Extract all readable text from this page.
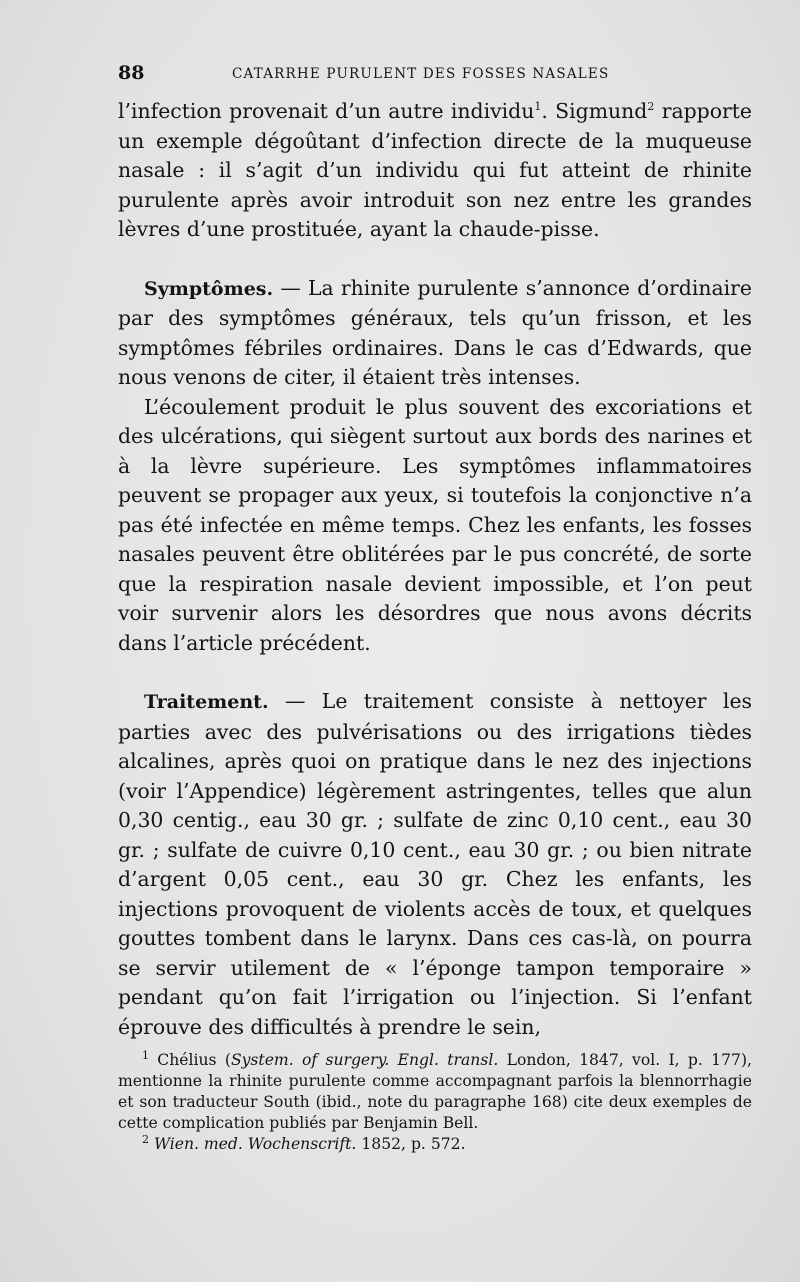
88	CATARRHE PURULENT DES FOSSES NASALES

l’infection provenait d’un autre individu$^1$. Sigmund$^2$ rapporte un exemple dégoûtant d’infection directe de la muqueuse nasale : il s’agit d’un individu qui fut atteint de rhinite purulente après avoir introduit son nez entre les grandes lèvres d’une prostituée, ayant la chaude-pisse.

Symptômes. — La rhinite purulente s’annonce d’ordinaire par des symptômes généraux, tels qu’un frisson, et les symptômes fébriles ordinaires. Dans le cas d’Edwards, que nous venons de citer, il étaient très intenses.

L’écoulement produit le plus souvent des excoriations et des ulcérations, qui siègent surtout aux bords des narines et à la lèvre supérieure. Les symptômes inflammatoires peuvent se propager aux yeux, si toutefois la conjonctive n’a pas été infectée en même temps. Chez les enfants, les fosses nasales peuvent être oblitérées par le pus concrété, de sorte que la respiration nasale devient impossible, et l’on peut voir survenir alors les désordres que nous avons décrits dans l’article précédent.

Traitement. — Le traitement consiste à nettoyer les parties avec des pulvérisations ou des irrigations tièdes alcalines, après quoi on pratique dans le nez des injections (voir l’Appendice) légèrement astringentes, telles que alun 0,30 centig., eau 30 gr. ; sulfate de zinc 0,10 cent., eau 30 gr. ; sulfate de cuivre 0,10 cent., eau 30 gr. ; ou bien nitrate d’argent 0,05 cent., eau 30 gr. Chez les enfants, les injections provoquent de violents accès de toux, et quelques gouttes tombent dans le larynx. Dans ces cas-là, on pourra se servir utilement de « l’éponge tampon temporaire » pendant qu’on fait l’irrigation ou l’injection. Si l’enfant éprouve des difficultés à prendre le sein,

$^1$ Chélius (System. of surgery. Engl. transl. London, 1847, vol. I, p. 177), mentionne la rhinite purulente comme accompagnant parfois la blennorrhagie et son traducteur South (ibid., note du paragraphe 168) cite deux exemples de cette complication publiés par Benjamin Bell.

$^2$ Wien. med. Wochenscrift. 1852, p. 572.
